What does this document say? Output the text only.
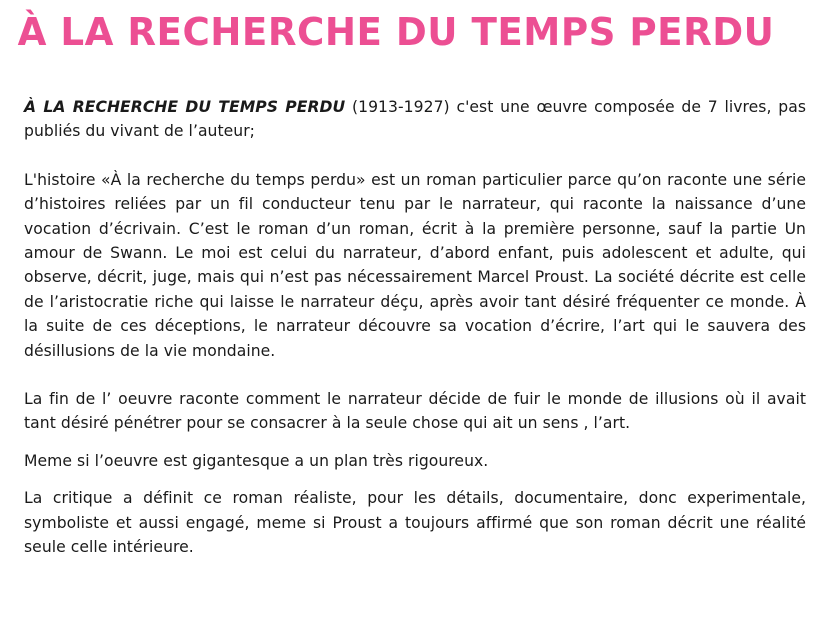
À LA RECHERCHE DU TEMPS PERDU

À LA RECHERCHE DU TEMPS PERDU (1913-1927) c'est une œuvre composée de 7 livres, pas publiés du vivant de l’auteur;

L'histoire «À la recherche du temps perdu» est un roman particulier parce qu’on raconte une série d’histoires reliées par un fil conducteur tenu par le narrateur, qui raconte la naissance d’une vocation d’écrivain. C’est le roman d’un roman, écrit à la première personne, sauf la partie Un amour de Swann. Le moi est celui du narrateur, d’abord enfant, puis adolescent et adulte, qui observe, décrit, juge, mais qui n’est pas nécessairement Marcel Proust. La société décrite est celle de l’aristocratie riche qui laisse le narrateur déçu, après avoir tant désiré fréquenter ce monde. À la suite de ces déceptions, le narrateur découvre sa vocation d’écrire, l’art qui le sauvera des désillusions de la vie mondaine.

La fin de l’ oeuvre raconte comment le narrateur décide de fuir le monde de illusions où il avait tant désiré pénétrer pour se consacrer à la seule chose qui ait un sens , l’art.

Meme si l’oeuvre est gigantesque a un plan très rigoureux.

La critique a définit ce roman réaliste, pour les détails, documentaire, donc experimentale, symboliste et aussi engagé, meme si Proust a toujours affirmé que son roman décrit une réalité seule celle intérieure.
